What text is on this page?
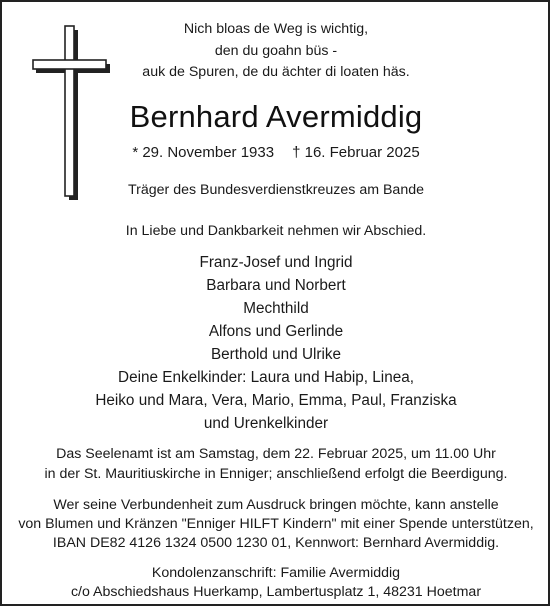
Nich bloas de Weg is wichtig,
den du goahn büs -
auk de Spuren, de du ächter di loaten häs.
Bernhard Avermiddig
* 29. November 1933 † 16. Februar 2025
Träger des Bundesverdienstkreuzes am Bande
In Liebe und Dankbarkeit nehmen wir Abschied.
Franz-Josef und Ingrid
Barbara und Norbert
Mechthild
Alfons und Gerlinde
Berthold und Ulrike
Deine Enkelkinder: Laura und Habip, Linea,
Heiko und Mara, Vera, Mario, Emma, Paul, Franziska
und Urenkelkinder
Das Seelenamt ist am Samstag, dem 22. Februar 2025, um 11.00 Uhr
in der St. Mauritiuskirche in Enniger; anschließend erfolgt die Beerdigung.
Wer seine Verbundenheit zum Ausdruck bringen möchte, kann anstelle
von Blumen und Kränzen "Enniger HILFT Kindern" mit einer Spende unterstützen,
IBAN DE82 4126 1324 0500 1230 01, Kennwort: Bernhard Avermiddig.
Kondolenzanschrift: Familie Avermiddig
c/o Abschiedshaus Huerkamp, Lambertusplatz 1, 48231 Hoetmar
